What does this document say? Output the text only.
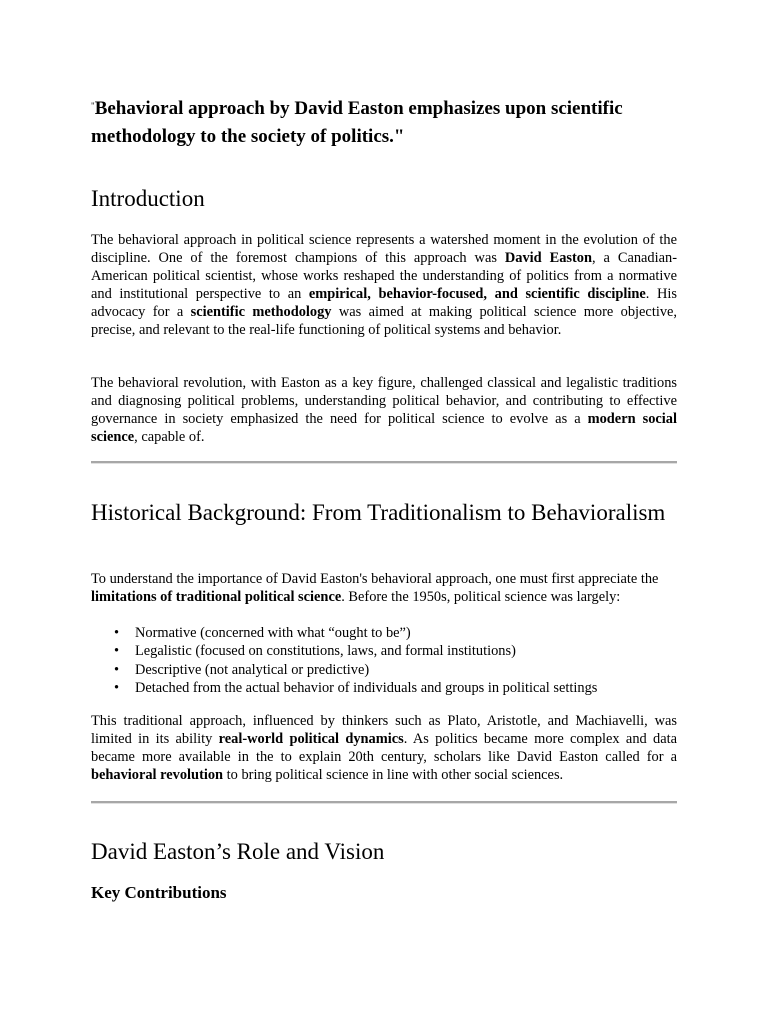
"Behavioral approach by David Easton emphasizes upon scientific methodology to the society of politics."

Introduction

The behavioral approach in political science represents a watershed moment in the evolution of the discipline. One of the foremost champions of this approach was David Easton, a Canadian-American political scientist, whose works reshaped the understanding of politics from a normative and institutional perspective to an empirical, behavior-focused, and scientific discipline. His advocacy for a scientific methodology was aimed at making political science more objective, precise, and relevant to the real-life functioning of political systems and behavior.

The behavioral revolution, with Easton as a key figure, challenged classical and legalistic traditions and diagnosing political problems, understanding political behavior, and contributing to effective governance in society emphasized the need for political science to evolve as a modern social science, capable of.

Historical Background: From Traditionalism to Behavioralism

To understand the importance of David Easton's behavioral approach, one must first appreciate the limitations of traditional political science. Before the 1950s, political science was largely:

• Normative (concerned with what “ought to be”)
• Legalistic (focused on constitutions, laws, and formal institutions)
• Descriptive (not analytical or predictive)
• Detached from the actual behavior of individuals and groups in political settings

This traditional approach, influenced by thinkers such as Plato, Aristotle, and Machiavelli, was limited in its ability real-world political dynamics. As politics became more complex and data became more available in the to explain 20th century, scholars like David Easton called for a behavioral revolution to bring political science in line with other social sciences.

David Easton’s Role and Vision
Key Contributions
